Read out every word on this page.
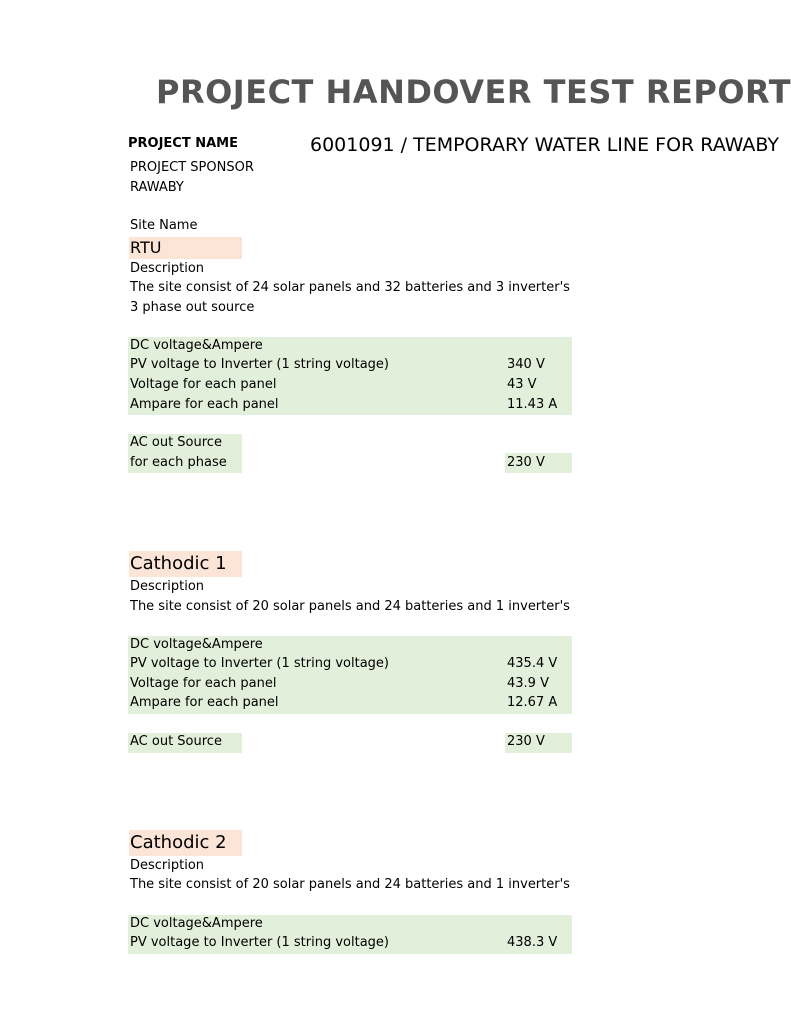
PROJECT HANDOVER TEST REPORT
PROJECT NAME	6001091 / TEMPORARY WATER LINE FOR RAWABY
PROJECT SPONSOR
RAWABY
Site Name
RTU
Description
The site consist of 24 solar panels and 32 batteries and 3 inverter's
3 phase out source
DC voltage&Ampere
PV voltage to Inverter (1 string voltage)	340 V
Voltage for each panel	43 V
Ampare for each panel	11.43 A
AC out Source
for each phase	230 V
Cathodic 1
Description
The site consist of 20 solar panels and 24 batteries and 1 inverter's
DC voltage&Ampere
PV voltage to Inverter (1 string voltage)	435.4 V
Voltage for each panel	43.9 V
Ampare for each panel	12.67 A
AC out Source	230 V
Cathodic 2
Description
The site consist of 20 solar panels and 24 batteries and 1 inverter's
DC voltage&Ampere
PV voltage to Inverter (1 string voltage)	438.3 V
